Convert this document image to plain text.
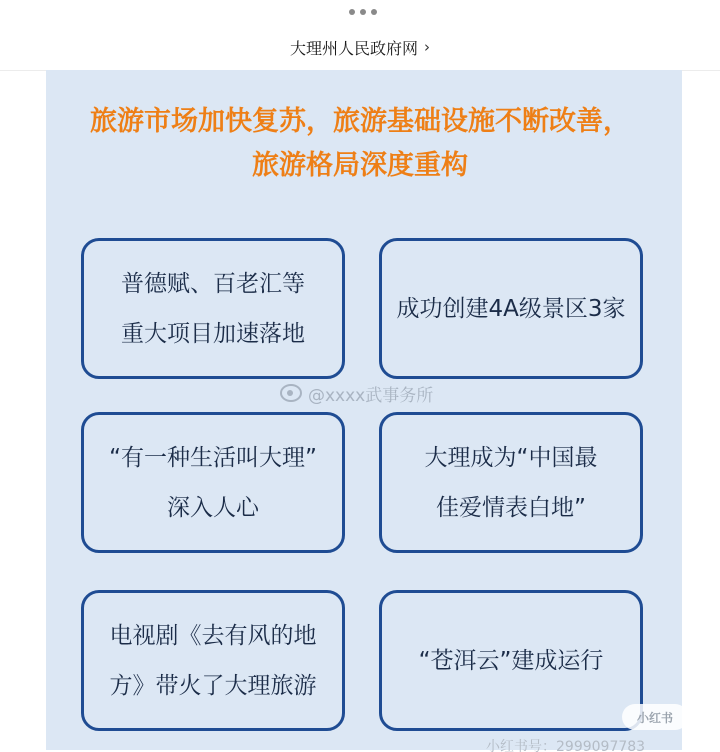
大理州人民政府网 ›
旅游市场加快复苏，旅游基础设施不断改善，
旅游格局深度重构
普德赋、百老汇等
重大项目加速落地
成功创建4A级景区3家
“有一种生活叫大理”
深入人心
大理成为“中国最
佳爱情表白地”
电视剧《去有风的地
方》带火了大理旅游
“苍洱云”建成运行
@xxxx武事务所
小红书
小红书号：2999097783
